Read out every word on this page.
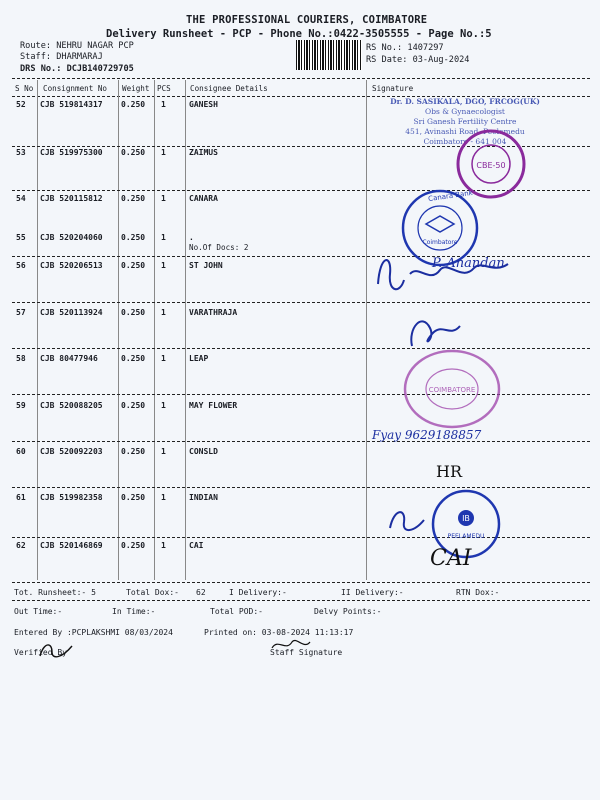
THE PROFESSIONAL COURIERS, COIMBATORE
Delivery Runsheet - PCP - Phone No.:0422-3505555 - Page No.:5
Route: NEHRU NAGAR PCP
Staff: DHARMARAJ
DRS No.: DCJB140729705
RS No.: 1407297
RS Date: 03-Aug-2024
S No Consignment No Weight PCS	Consignee Details	Signature
52 CJB 519814317 0.250 1	GANESH
53 CJB 519975300 0.250 1	ZAIMUS
54 CJB 520115812 0.250 1	CANARA
55 CJB 520204060 0.250 1	.
No.Of Docs: 2
56 CJB 520206513 0.250 1	ST JOHN
57 CJB 520113924 0.250 1	VARATHRAJA
58 CJB 80477946	0.250 1	LEAP
59 CJB 520088205 0.250 1	MAY FLOWER
60 CJB 520092203 0.250 1	CONSLD
61 CJB 519982358 0.250 1	INDIAN
62 CJB 520146869 0.250 1	CAI
Dr. D. SASIKALA, DGO, FRCOG(UK)
Obs & Gynaecologist
Sri Ganesh Fertility Centre
451, Avinashi Road, Peelamedu
Coimbatore - 641 004
CBE-50
Coimbatore
Canara Bank
COIMBATORE
IB
PEELAMEDU
P. Anandan
Fyay 9629188857
HR
CAI
Tot. Runsheet:- 5	Total Dox:- 62	I Delivery:-	II Delivery:-	RTN Dox:-
Out Time:-	In Time:-	Total POD:-	Delvy Points:-
Entered By :PCPLAKSHMI 08/03/2024	Printed on: 03-08-2024 11:13:17
Verified By	Staff Signature
